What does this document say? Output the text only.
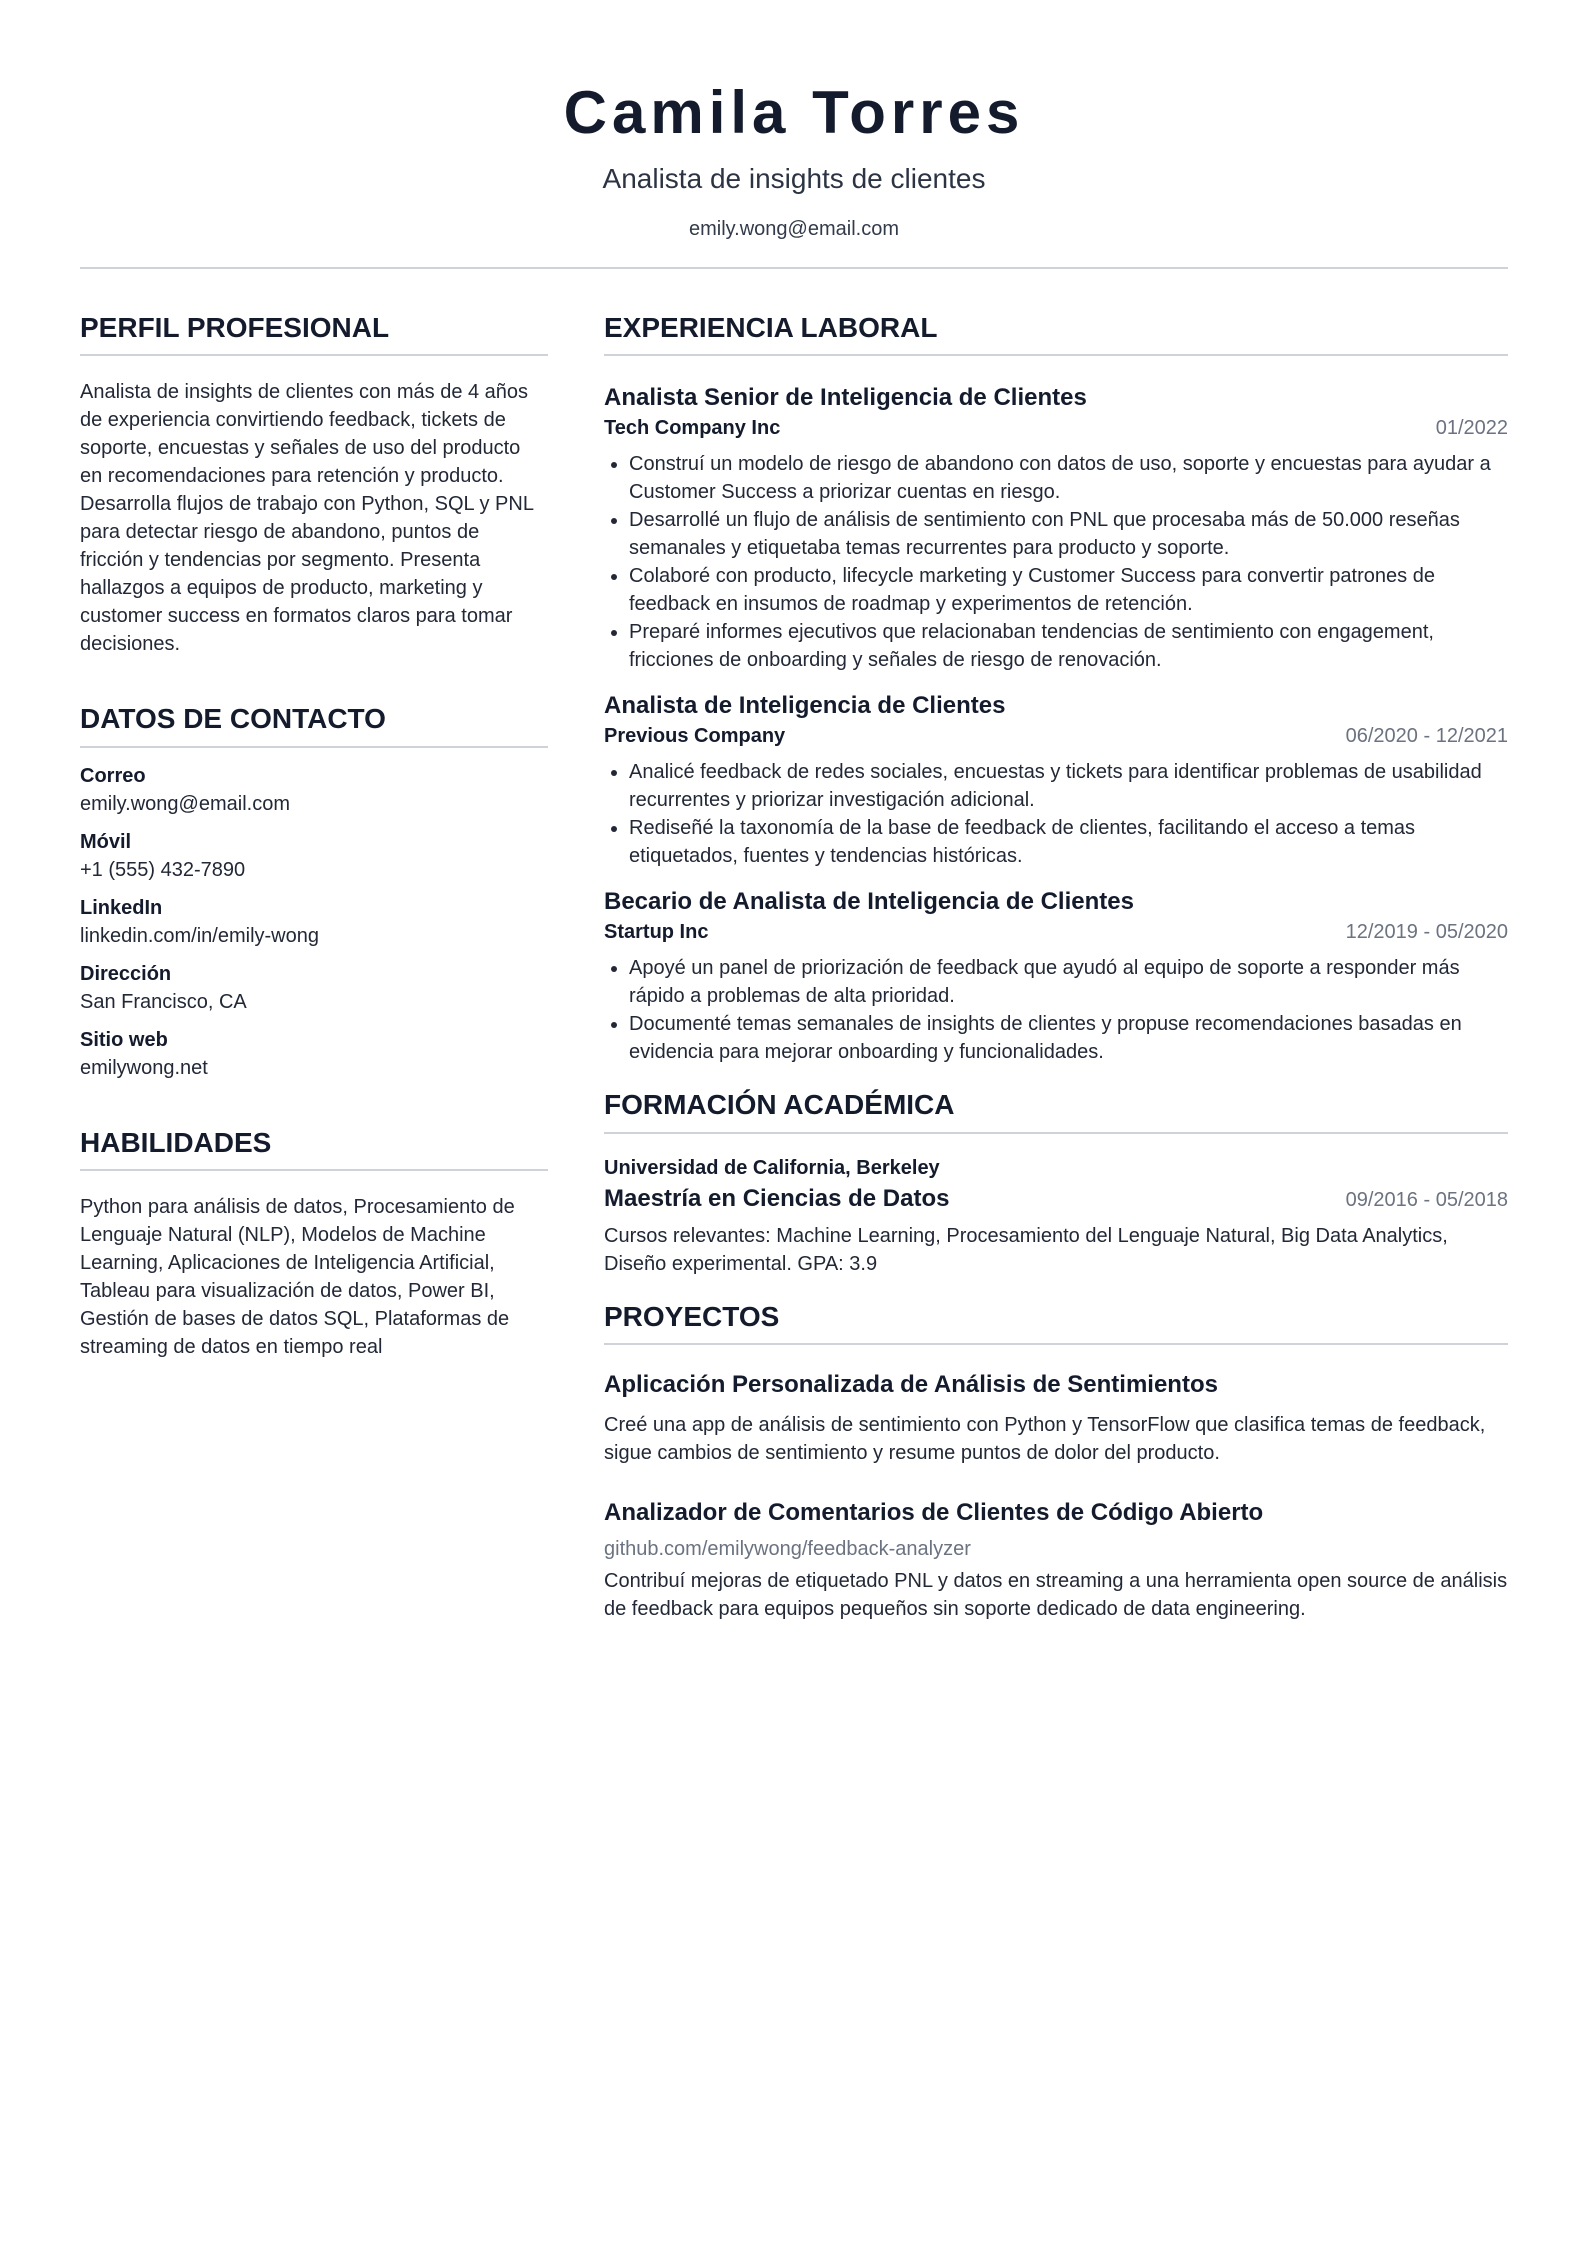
Camila Torres
Analista de insights de clientes
emily.wong@email.com
PERFIL PROFESIONAL
Analista de insights de clientes con más de 4 años de experiencia convirtiendo feedback, tickets de soporte, encuestas y señales de uso del producto en recomendaciones para retención y producto. Desarrolla flujos de trabajo con Python, SQL y PNL para detectar riesgo de abandono, puntos de fricción y tendencias por segmento. Presenta hallazgos a equipos de producto, marketing y customer success en formatos claros para tomar decisiones.
DATOS DE CONTACTO
Correo
emily.wong@email.com
Móvil
+1 (555) 432-7890
LinkedIn
linkedin.com/in/emily-wong
Dirección
San Francisco, CA
Sitio web
emilywong.net
HABILIDADES
Python para análisis de datos, Procesamiento de Lenguaje Natural (NLP), Modelos de Machine Learning, Aplicaciones de Inteligencia Artificial, Tableau para visualización de datos, Power BI, Gestión de bases de datos SQL, Plataformas de streaming de datos en tiempo real
EXPERIENCIA LABORAL
Analista Senior de Inteligencia de Clientes
Tech Company Inc	01/2022
• Construí un modelo de riesgo de abandono con datos de uso, soporte y encuestas para ayudar a Customer Success a priorizar cuentas en riesgo.
• Desarrollé un flujo de análisis de sentimiento con PNL que procesaba más de 50.000 reseñas semanales y etiquetaba temas recurrentes para producto y soporte.
• Colaboré con producto, lifecycle marketing y Customer Success para convertir patrones de feedback en insumos de roadmap y experimentos de retención.
• Preparé informes ejecutivos que relacionaban tendencias de sentimiento con engagement, fricciones de onboarding y señales de riesgo de renovación.
Analista de Inteligencia de Clientes
Previous Company	06/2020 - 12/2021
• Analicé feedback de redes sociales, encuestas y tickets para identificar problemas de usabilidad recurrentes y priorizar investigación adicional.
• Rediseñé la taxonomía de la base de feedback de clientes, facilitando el acceso a temas etiquetados, fuentes y tendencias históricas.
Becario de Analista de Inteligencia de Clientes
Startup Inc	12/2019 - 05/2020
• Apoyé un panel de priorización de feedback que ayudó al equipo de soporte a responder más rápido a problemas de alta prioridad.
• Documenté temas semanales de insights de clientes y propuse recomendaciones basadas en evidencia para mejorar onboarding y funcionalidades.
FORMACIÓN ACADÉMICA
Universidad de California, Berkeley
Maestría en Ciencias de Datos	09/2016 - 05/2018
Cursos relevantes: Machine Learning, Procesamiento del Lenguaje Natural, Big Data Analytics, Diseño experimental. GPA: 3.9
PROYECTOS
Aplicación Personalizada de Análisis de Sentimientos
Creé una app de análisis de sentimiento con Python y TensorFlow que clasifica temas de feedback, sigue cambios de sentimiento y resume puntos de dolor del producto.
Analizador de Comentarios de Clientes de Código Abierto
github.com/emilywong/feedback-analyzer
Contribuí mejoras de etiquetado PNL y datos en streaming a una herramienta open source de análisis de feedback para equipos pequeños sin soporte dedicado de data engineering.
